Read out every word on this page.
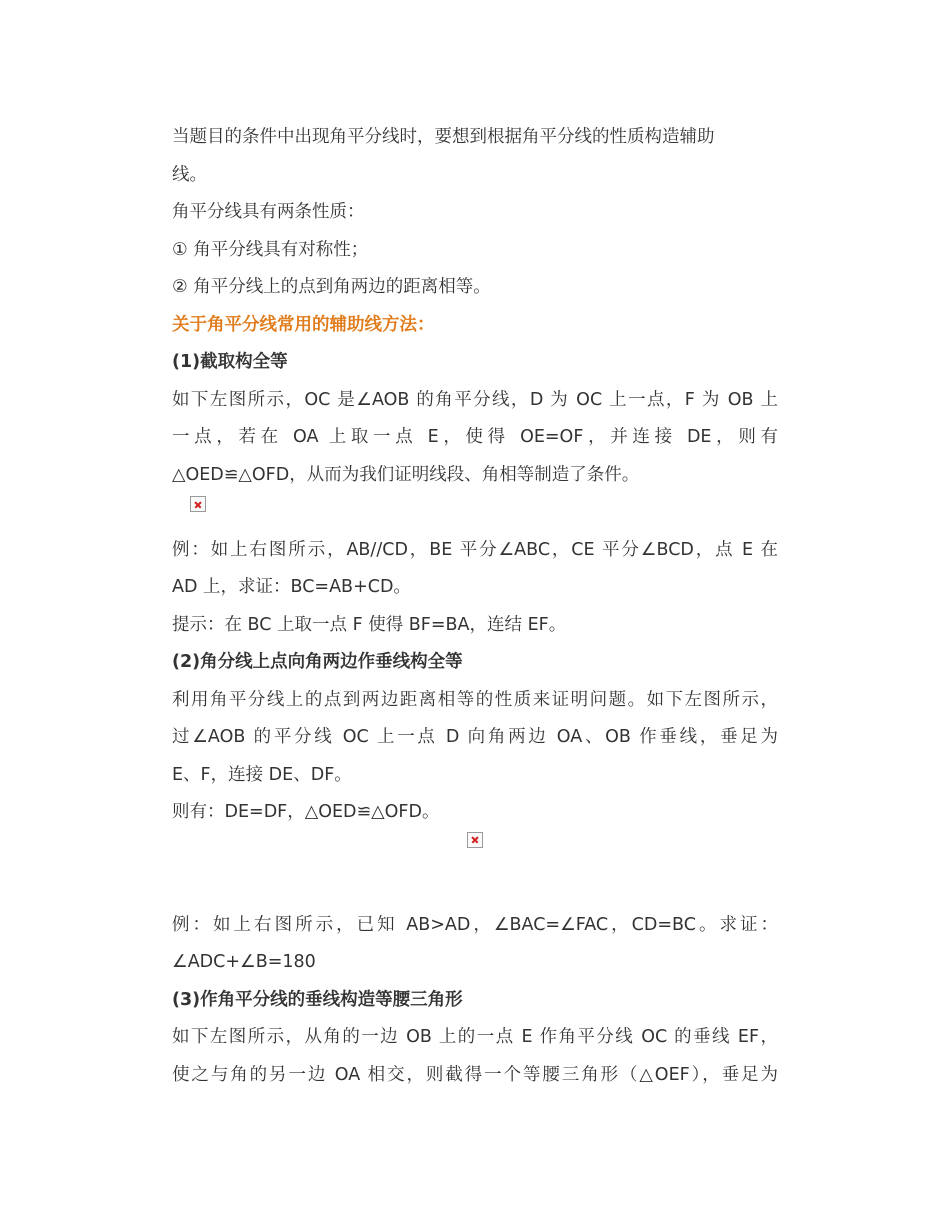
当题目的条件中出现角平分线时，要想到根据角平分线的性质构造辅助
线。
角平分线具有两条性质：
① 角平分线具有对称性；
② 角平分线上的点到角两边的距离相等。
关于角平分线常用的辅助线方法：
(1)截取构全等
如下左图所示，OC 是∠AOB 的角平分线，D 为 OC 上一点，F 为 OB 上
一点，若在 OA 上取一点 E，使得 OE=OF，并连接 DE，则有
△OED≌△OFD，从而为我们证明线段、角相等制造了条件。
例：如上右图所示，AB//CD，BE 平分∠ABC，CE 平分∠BCD，点 E 在
AD 上，求证：BC=AB+CD。
提示：在 BC 上取一点 F 使得 BF=BA，连结 EF。
(2)角分线上点向角两边作垂线构全等
利用角平分线上的点到两边距离相等的性质来证明问题。如下左图所示，
过∠AOB 的平分线 OC 上一点 D 向角两边 OA、OB 作垂线，垂足为
E、F，连接 DE、DF。
则有：DE=DF，△OED≌△OFD。
例：如上右图所示，已知 AB>AD，∠BAC=∠FAC，CD=BC。求证：
∠ADC+∠B=180
(3)作角平分线的垂线构造等腰三角形
如下左图所示，从角的一边 OB 上的一点 E 作角平分线 OC 的垂线 EF，
使之与角的另一边 OA 相交，则截得一个等腰三角形（△OEF），垂足为
